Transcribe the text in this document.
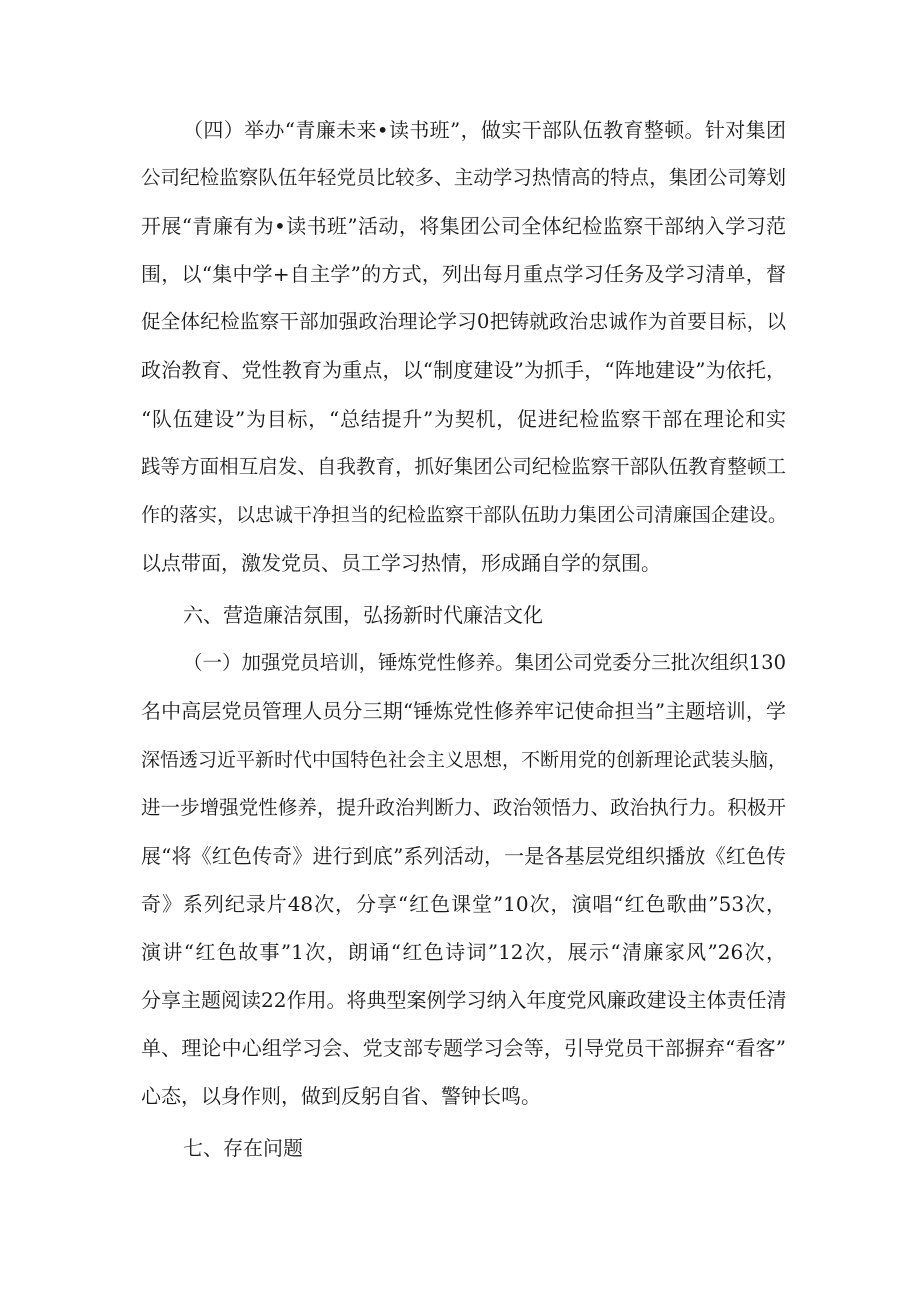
（四）举办“青廉未来•读书班”，做实干部队伍教育整顿。针对集团
公司纪检监察队伍年轻党员比较多、主动学习热情高的特点，集团公司筹划
开展“青廉有为•读书班”活动，将集团公司全体纪检监察干部纳入学习范
围，以“集中学+自主学”的方式，列出每月重点学习任务及学习清单，督
促全体纪检监察干部加强政治理论学习0把铸就政治忠诚作为首要目标，以
政治教育、党性教育为重点，以“制度建设”为抓手，“阵地建设”为依托，
“队伍建设”为目标，“总结提升”为契机，促进纪检监察干部在理论和实
践等方面相互启发、自我教育，抓好集团公司纪检监察干部队伍教育整顿工
作的落实，以忠诚干净担当的纪检监察干部队伍助力集团公司清廉国企建设。
以点带面，激发党员、员工学习热情，形成踊自学的氛围。
六、营造廉洁氛围，弘扬新时代廉洁文化
（一）加强党员培训，锤炼党性修养。集团公司党委分三批次组织130
名中高层党员管理人员分三期“锤炼党性修养牢记使命担当”主题培训，学
深悟透习近平新时代中国特色社会主义思想，不断用党的创新理论武装头脑，
进一步增强党性修养，提升政治判断力、政治领悟力、政治执行力。积极开
展“将《红色传奇》进行到底”系列活动，一是各基层党组织播放《红色传
奇》系列纪录片48次，分享“红色课堂”10次，演唱“红色歌曲”53次，
演讲“红色故事”1次，朗诵“红色诗词”12次，展示“清廉家风”26次，
分享主题阅读22作用。将典型案例学习纳入年度党风廉政建设主体责任清
单、理论中心组学习会、党支部专题学习会等，引导党员干部摒弃“看客”
心态，以身作则，做到反躬自省、警钟长鸣。
七、存在问题
